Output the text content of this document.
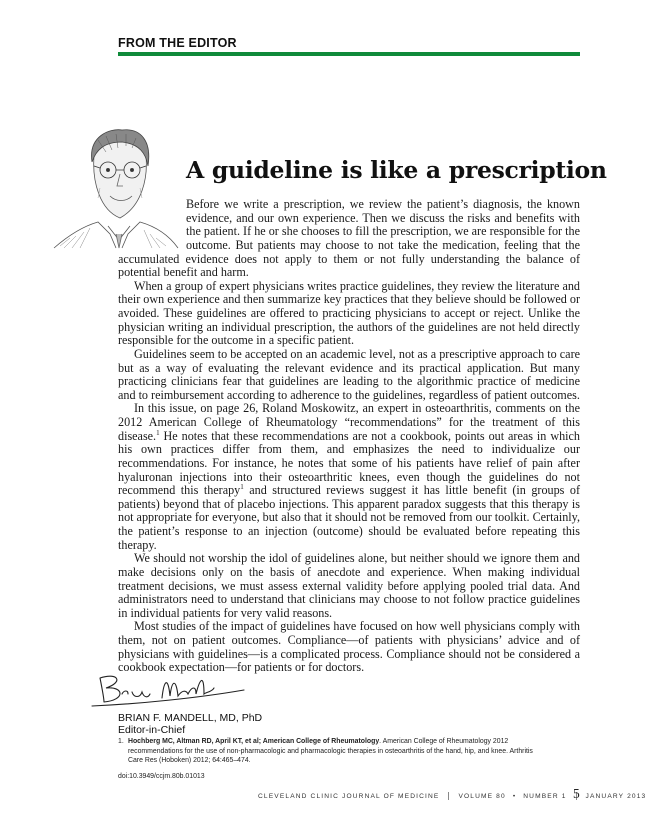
FROM THE EDITOR
A guideline is like a prescription

Before we write a prescription, we review the patient’s diagnosis, the known evidence, and our own experience. Then we discuss the risks and benefits with the patient. If he or she chooses to fill the prescription, we are responsible for the outcome. But patients may choose to not take the medication, feeling that the accumulated evidence does not apply to them or not fully understanding the balance of potential benefit and harm.

When a group of expert physicians writes practice guidelines, they review the literature and their own experience and then summarize key practices that they believe should be followed or avoided. These guidelines are offered to practicing physicians to accept or reject. Unlike the physician writing an individual prescription, the authors of the guidelines are not held directly responsible for the outcome in a specific patient.

Guidelines seem to be accepted on an academic level, not as a prescriptive approach to care but as a way of evaluating the relevant evidence and its practical application. But many practicing clinicians fear that guidelines are leading to the algorithmic practice of medicine and to reimbursement according to adherence to the guidelines, regardless of patient outcomes.

In this issue, on page 26, Roland Moskowitz, an expert in osteoarthritis, comments on the 2012 American College of Rheumatology “recommendations” for the treatment of this disease.$^1$ He notes that these recommendations are not a cookbook, points out areas in which his own practices differ from them, and emphasizes the need to individualize our recommendations. For instance, he notes that some of his patients have relief of pain after hyaluronan injections into their osteoarthritic knees, even though the guidelines do not recommend this therapy$^1$ and structured reviews suggest it has little benefit (in groups of patients) beyond that of placebo injections. This apparent paradox suggests that this therapy is not appropriate for everyone, but also that it should not be removed from our toolkit. Certainly, the patient’s response to an injection (outcome) should be evaluated before repeating this therapy.

We should not worship the idol of guidelines alone, but neither should we ignore them and make decisions only on the basis of anecdote and experience. When making individual treatment decisions, we must assess external validity before applying pooled trial data. And administrators need to understand that clinicians may choose to not follow practice guidelines in individual patients for very valid reasons.

Most studies of the impact of guidelines have focused on how well physicians comply with them, not on patient outcomes. Compliance—of patients with physicians’ advice and of physicians with guidelines—is a complicated process. Compliance should not be considered a cookbook expectation—for patients or for doctors.

BRIAN F. MANDELL, MD, PhD
Editor-in-Chief
1. Hochberg MC, Altman RD, April KT, et al; American College of Rheumatology. American College of Rheumatology 2012 recommendations for the use of non-pharmacologic and pharmacologic therapies in osteoarthritis of the hand, hip, and knee. Arthritis Care Res (Hoboken) 2012; 64:465–474.
doi:10.3949/ccjm.80b.01013
CLEVELAND CLINIC JOURNAL OF MEDICINE	VOLUME 80 • NUMBER 1	JANUARY 2013
5
